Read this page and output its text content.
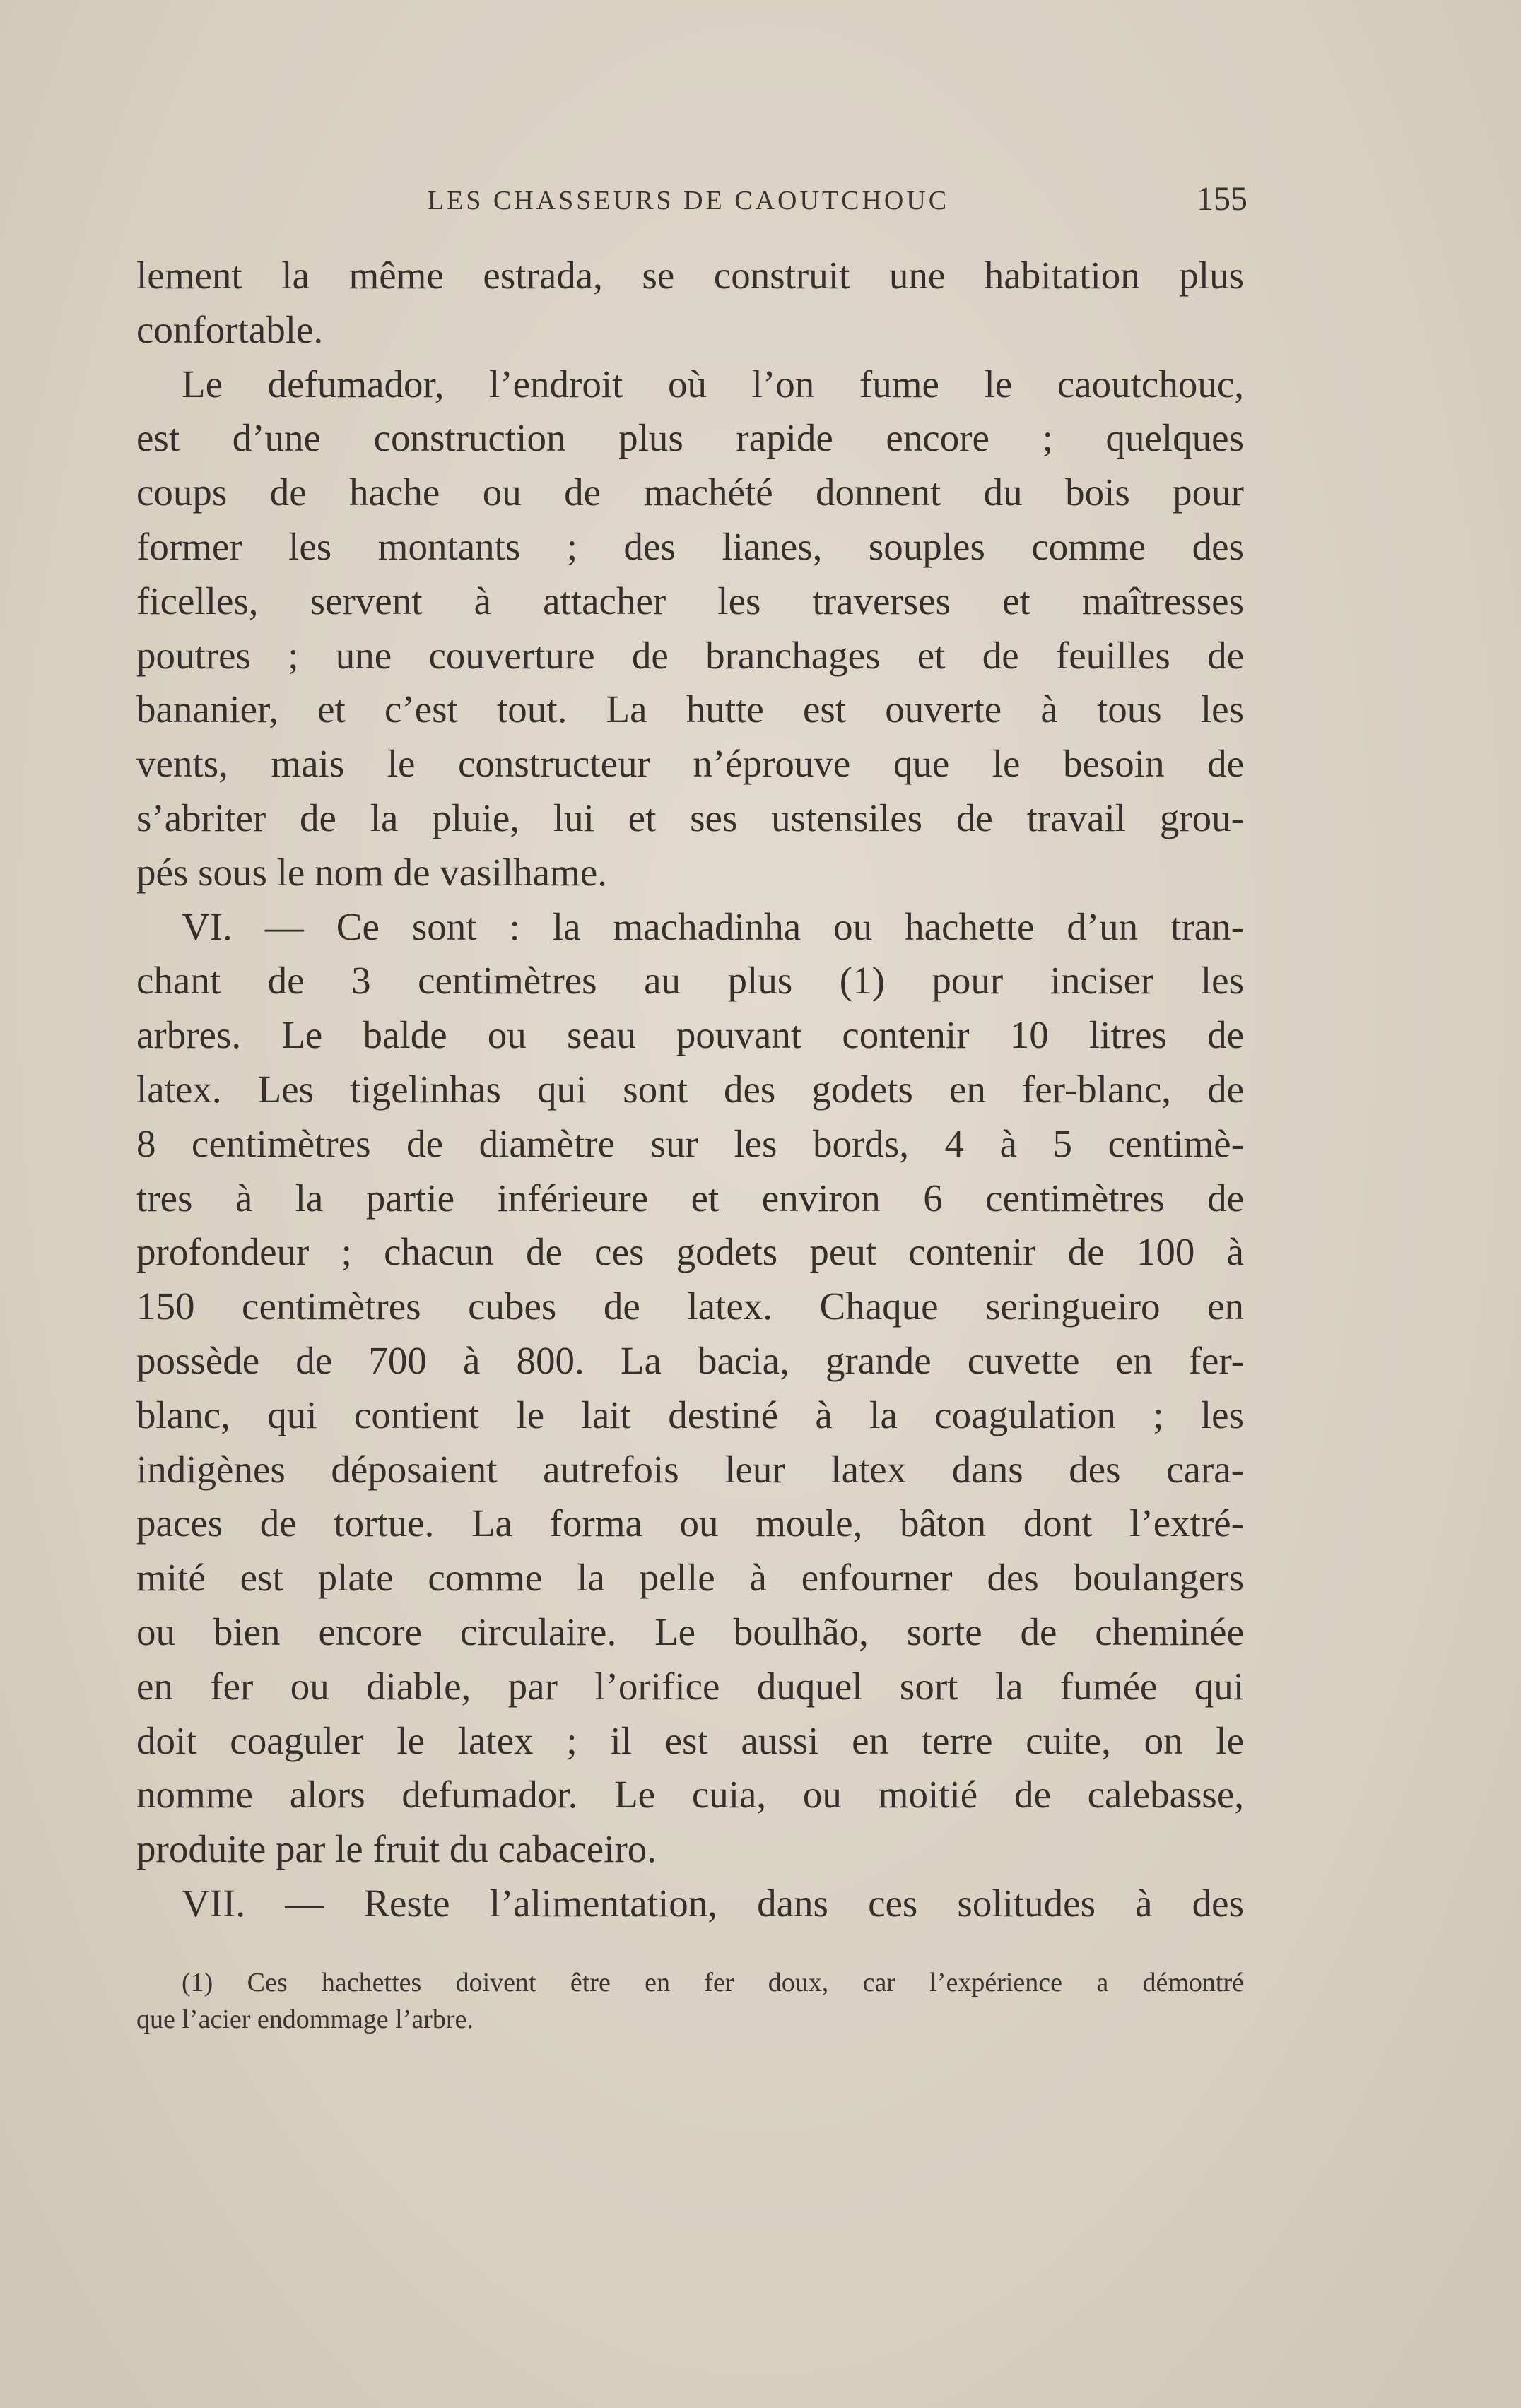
LES CHASSEURS DE CAOUTCHOUC	155
lement la même estrada, se construit une habitation plus
confortable.
Le defumador, l’endroit où l’on fume le caoutchouc,
est d’une construction plus rapide encore ; quelques
coups de hache ou de machété donnent du bois pour
former les montants ; des lianes, souples comme des
ficelles, servent à attacher les traverses et maîtresses
poutres ; une couverture de branchages et de feuilles de
bananier, et c’est tout. La hutte est ouverte à tous les
vents, mais le constructeur n’éprouve que le besoin de
s’abriter de la pluie, lui et ses ustensiles de travail grou-
pés sous le nom de vasilhame.
VI. — Ce sont : la machadinha ou hachette d’un tran-
chant de 3 centimètres au plus (1) pour inciser les
arbres. Le balde ou seau pouvant contenir 10 litres de
latex. Les tigelinhas qui sont des godets en fer-blanc, de
8 centimètres de diamètre sur les bords, 4 à 5 centimè-
tres à la partie inférieure et environ 6 centimètres de
profondeur ; chacun de ces godets peut contenir de 100 à
150 centimètres cubes de latex. Chaque seringueiro en
possède de 700 à 800. La bacia, grande cuvette en fer-
blanc, qui contient le lait destiné à la coagulation ; les
indigènes déposaient autrefois leur latex dans des cara-
paces de tortue. La forma ou moule, bâton dont l’extré-
mité est plate comme la pelle à enfourner des boulangers
ou bien encore circulaire. Le boulhão, sorte de cheminée
en fer ou diable, par l’orifice duquel sort la fumée qui
doit coaguler le latex ; il est aussi en terre cuite, on le
nomme alors defumador. Le cuia, ou moitié de calebasse,
produite par le fruit du cabaceiro.
VII. — Reste l’alimentation, dans ces solitudes à des
(1) Ces hachettes doivent être en fer doux, car l’expérience a démontré
que l’acier endommage l’arbre.
